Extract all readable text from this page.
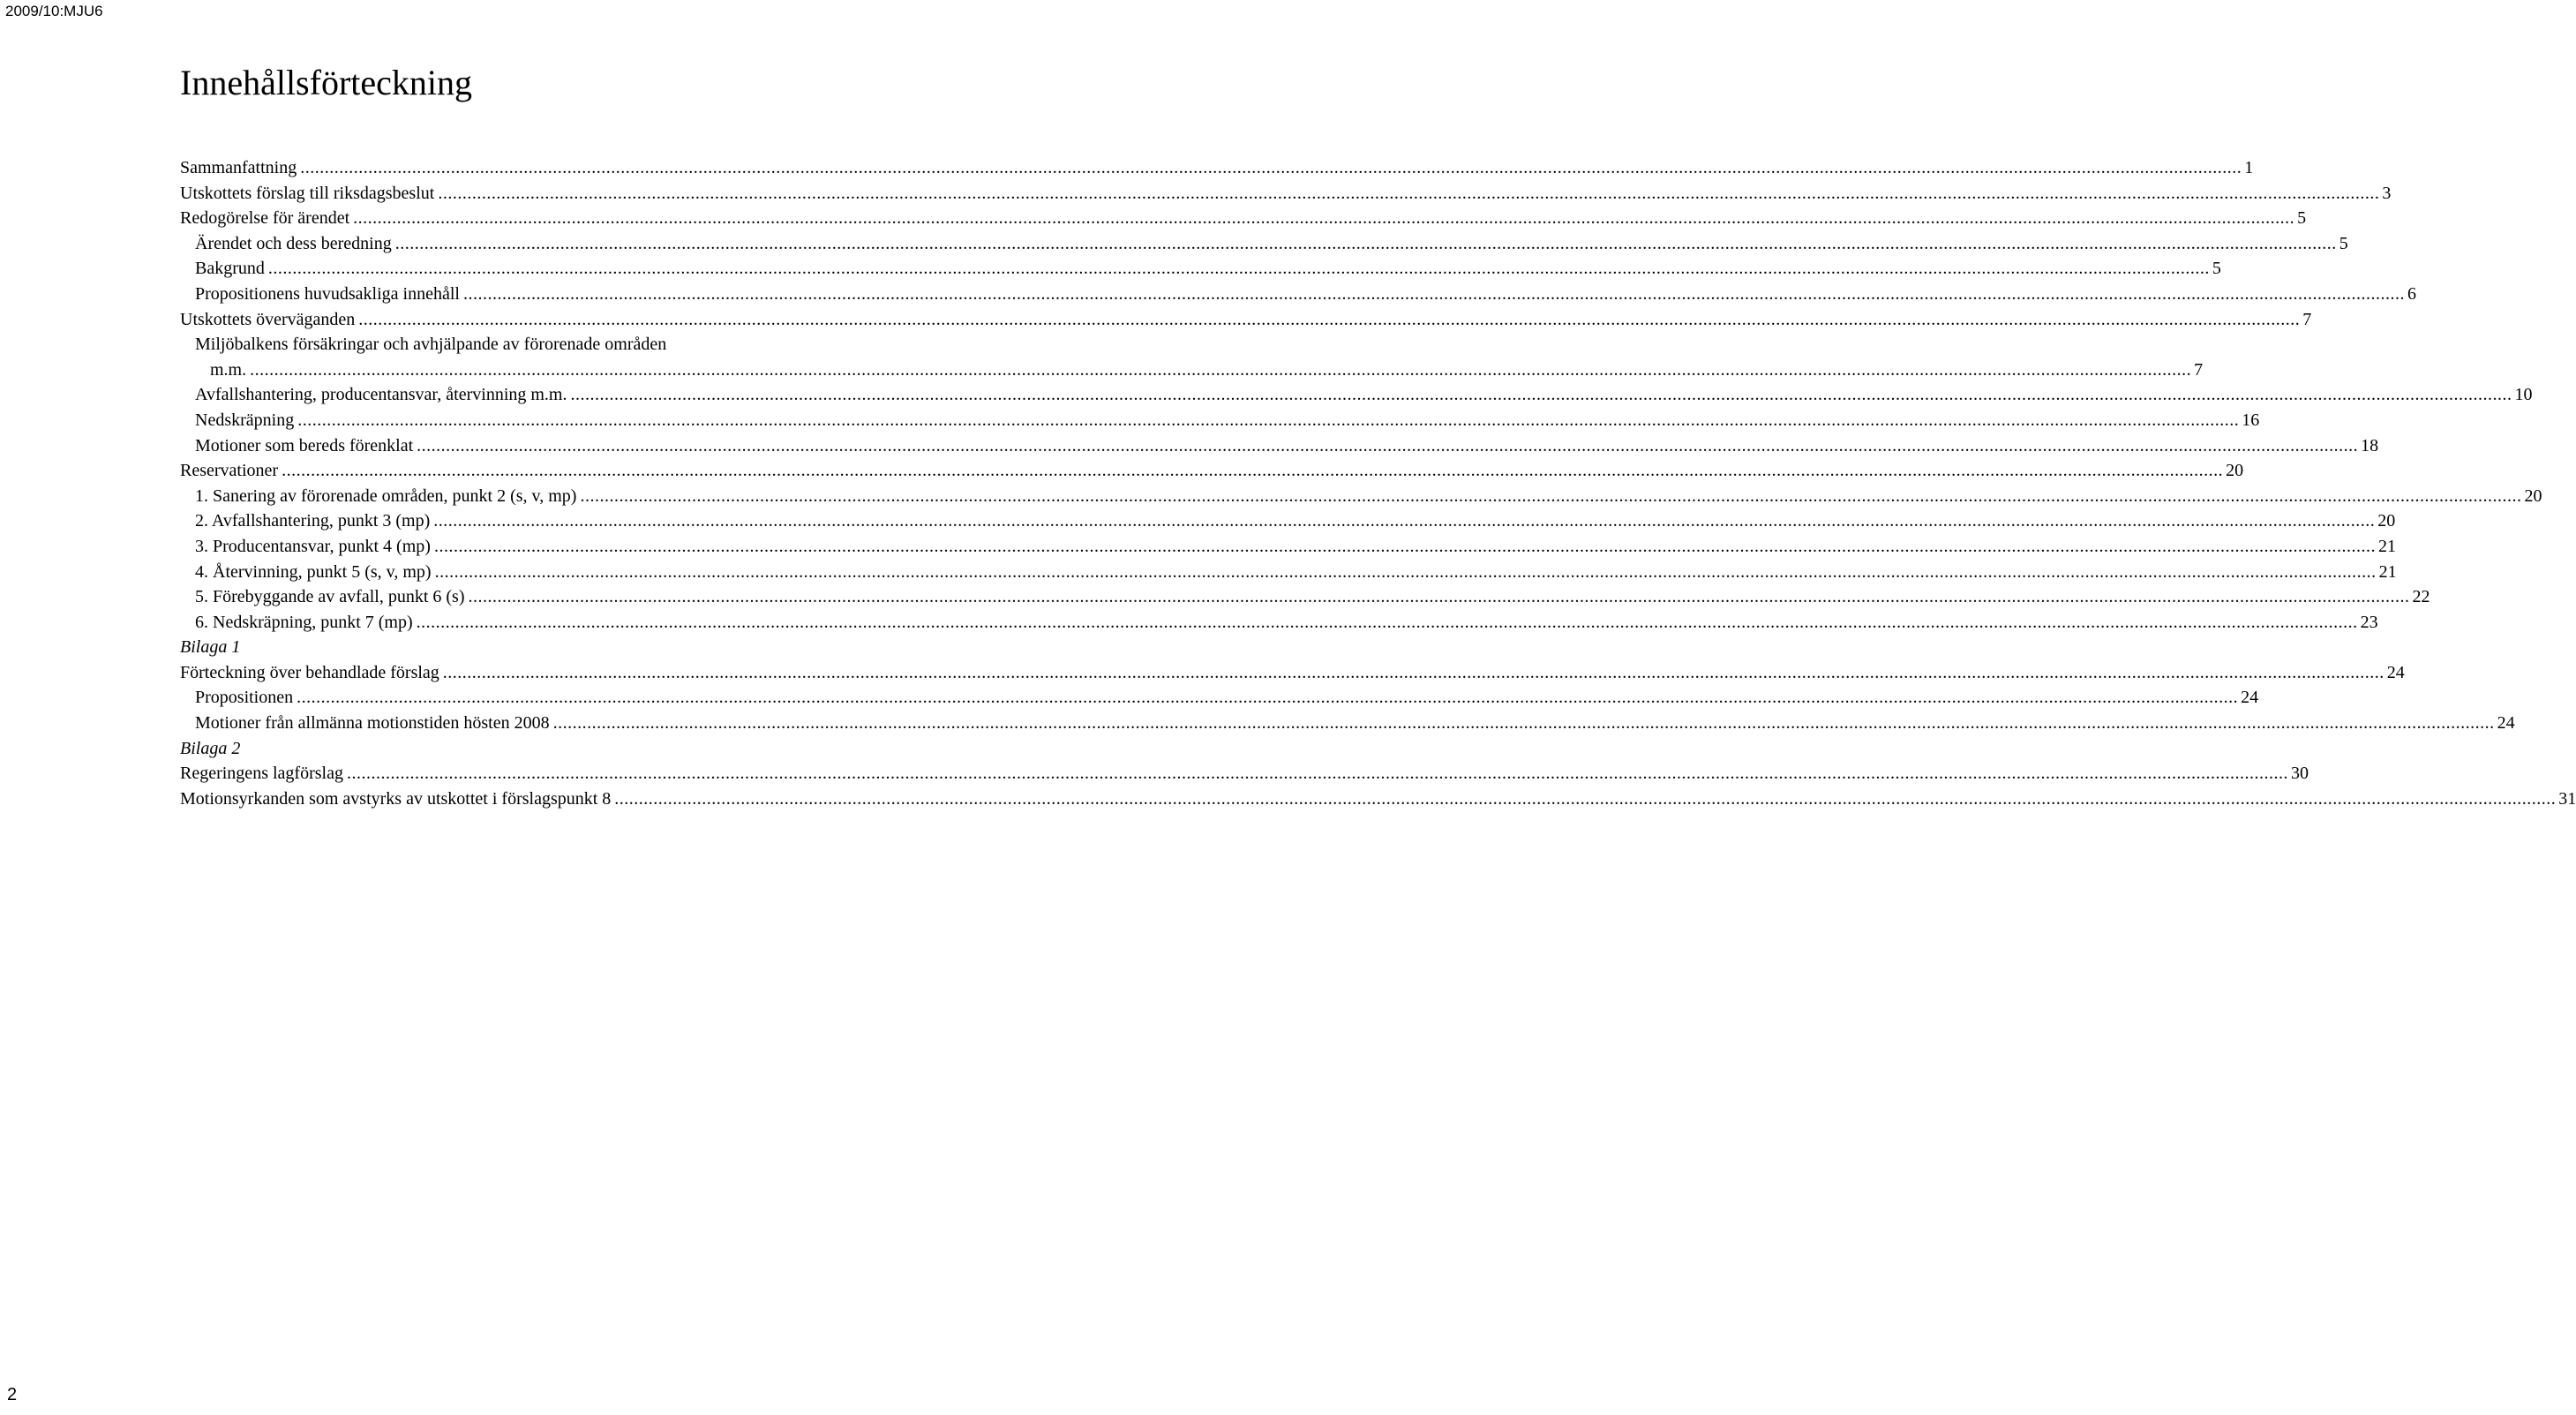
2009/10:MJU6
Innehållsförteckning
Sammanfattning ................................................................................................................................................................................................................................................................................................................................................................................................................ 1
Utskottets förslag till riksdagsbeslut ................................................................................................................................................................................................................................................................................................................................................................................................................ 3
Redogörelse för ärendet ................................................................................................................................................................................................................................................................................................................................................................................................................ 5
Ärendet och dess beredning ................................................................................................................................................................................................................................................................................................................................................................................................................ 5
Bakgrund ................................................................................................................................................................................................................................................................................................................................................................................................................ 5
Propositionens huvudsakliga innehåll ................................................................................................................................................................................................................................................................................................................................................................................................................ 6
Utskottets överväganden ................................................................................................................................................................................................................................................................................................................................................................................................................ 7
Miljöbalkens försäkringar och avhjälpande av förorenade områden
m.m. ................................................................................................................................................................................................................................................................................................................................................................................................................ 7
Avfallshantering, producentansvar, återvinning m.m. ................................................................................................................................................................................................................................................................................................................................................................................................................ 10
Nedskräpning ................................................................................................................................................................................................................................................................................................................................................................................................................ 16
Motioner som bereds förenklat ................................................................................................................................................................................................................................................................................................................................................................................................................ 18
Reservationer ................................................................................................................................................................................................................................................................................................................................................................................................................ 20
1. Sanering av förorenade områden, punkt 2 (s, v, mp) ................................................................................................................................................................................................................................................................................................................................................................................................................ 20
2. Avfallshantering, punkt 3 (mp) ................................................................................................................................................................................................................................................................................................................................................................................................................ 20
3. Producentansvar, punkt 4 (mp) ................................................................................................................................................................................................................................................................................................................................................................................................................ 21
4. Återvinning, punkt 5 (s, v, mp) ................................................................................................................................................................................................................................................................................................................................................................................................................ 21
5. Förebyggande av avfall, punkt 6 (s) ................................................................................................................................................................................................................................................................................................................................................................................................................ 22
6. Nedskräpning, punkt 7 (mp) ................................................................................................................................................................................................................................................................................................................................................................................................................ 23
Bilaga 1
Förteckning över behandlade förslag ................................................................................................................................................................................................................................................................................................................................................................................................................ 24
Propositionen ................................................................................................................................................................................................................................................................................................................................................................................................................ 24
Motioner från allmänna motionstiden hösten 2008 ................................................................................................................................................................................................................................................................................................................................................................................................................ 24
Bilaga 2
Regeringens lagförslag ................................................................................................................................................................................................................................................................................................................................................................................................................ 30
Motionsyrkanden som avstyrks av utskottet i förslagspunkt 8 ................................................................................................................................................................................................................................................................................................................................................................................................................ 31
2
